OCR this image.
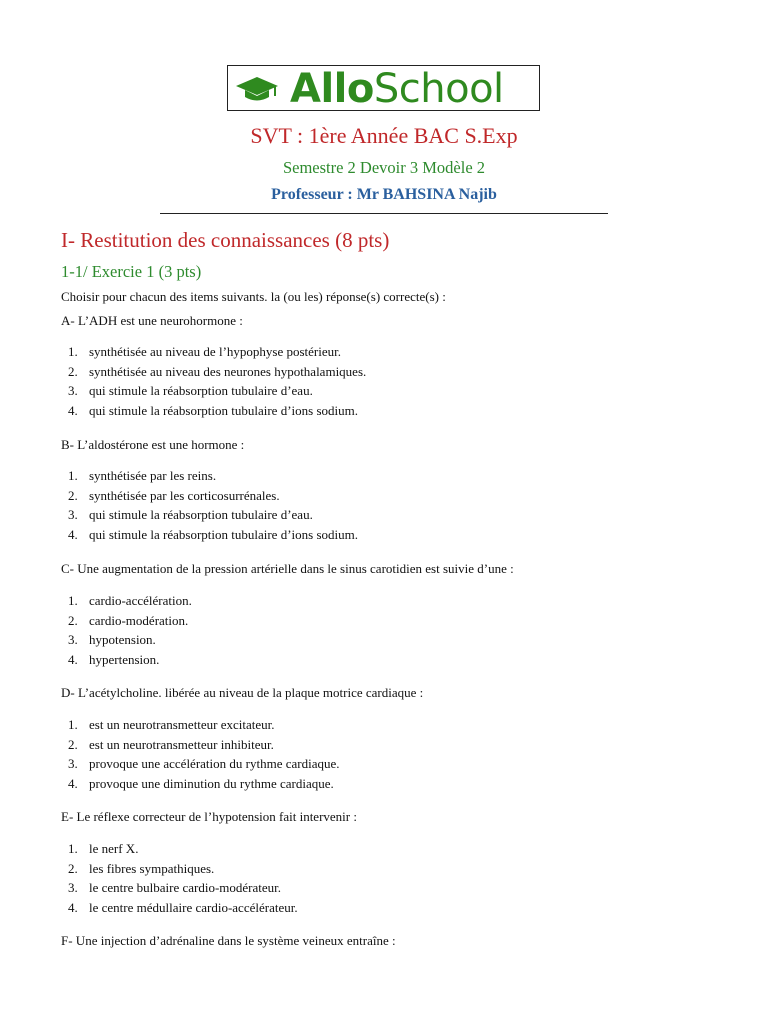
AlloSchool
SVT : 1ère Année BAC S.Exp
Semestre 2 Devoir 3 Modèle 2
Professeur : Mr BAHSINA Najib
I- Restitution des connaissances (8 pts)
1-1/ Exercie 1 (3 pts)
Choisir pour chacun des items suivants. la (ou les) réponse(s) correcte(s) :
A- L’ADH est une neurohormone :
1. synthétisée au niveau de l’hypophyse postérieur.
2. synthétisée au niveau des neurones hypothalamiques.
3. qui stimule la réabsorption tubulaire d’eau.
4. qui stimule la réabsorption tubulaire d’ions sodium.
B- L’aldostérone est une hormone :
1. synthétisée par les reins.
2. synthétisée par les corticosurrénales.
3. qui stimule la réabsorption tubulaire d’eau.
4. qui stimule la réabsorption tubulaire d’ions sodium.
C- Une augmentation de la pression artérielle dans le sinus carotidien est suivie d’une :
1. cardio-accélération.
2. cardio-modération.
3. hypotension.
4. hypertension.
D- L’acétylcholine. libérée au niveau de la plaque motrice cardiaque :
1. est un neurotransmetteur excitateur.
2. est un neurotransmetteur inhibiteur.
3. provoque une accélération du rythme cardiaque.
4. provoque une diminution du rythme cardiaque.
E- Le réflexe correcteur de l’hypotension fait intervenir :
1. le nerf X.
2. les fibres sympathiques.
3. le centre bulbaire cardio-modérateur.
4. le centre médullaire cardio-accélérateur.
F- Une injection d’adrénaline dans le système veineux entraîne :
